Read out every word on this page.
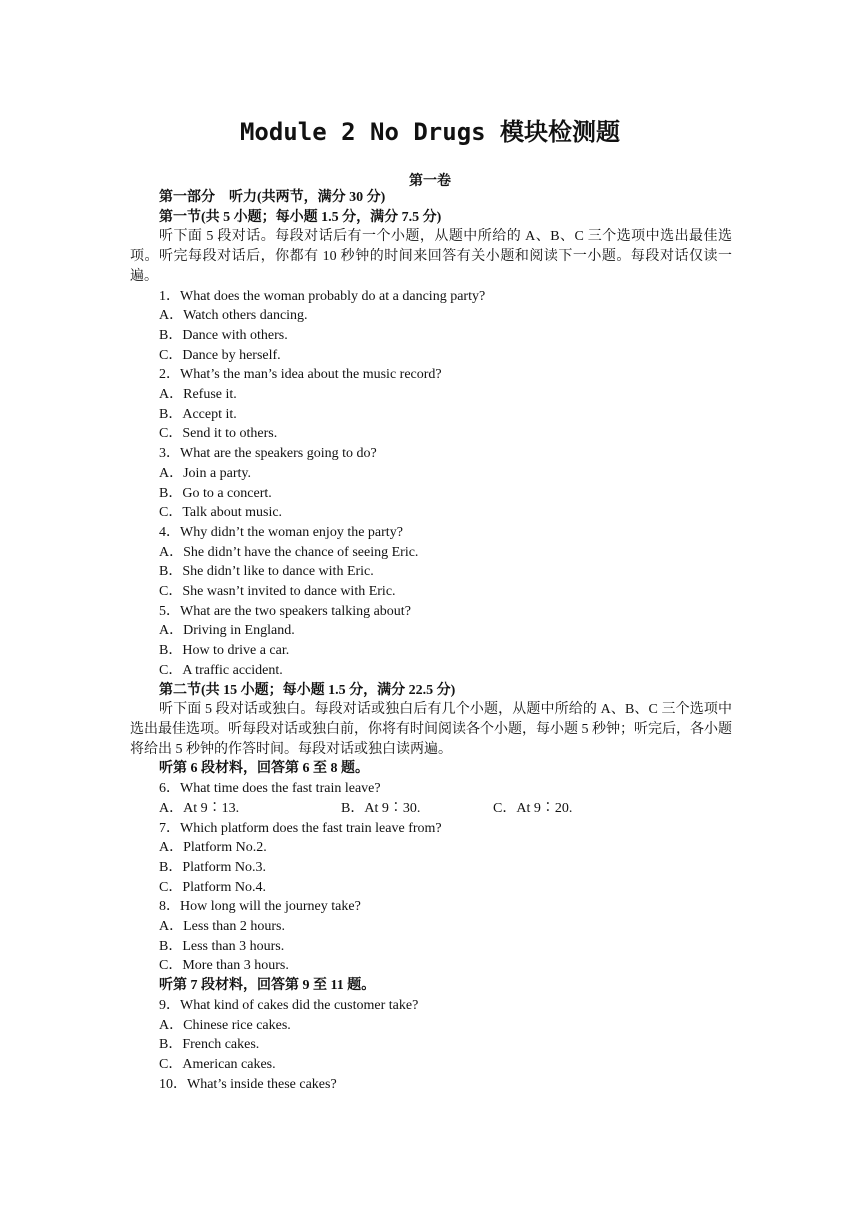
Module 2 No Drugs 模块检测题
第一卷

第一部分　听力(共两节，满分 30 分)

第一节(共 5 小题；每小题 1.5 分，满分 7.5 分)

听下面 5 段对话。每段对话后有一个小题，从题中所给的 A、B、C 三个选项中选出最佳选项。听完每段对话后，你都有 10 秒钟的时间来回答有关小题和阅读下一小题。每段对话仅读一遍。

1．What does the woman probably do at a dancing party?

A．Watch others dancing.

B．Dance with others.

C．Dance by herself.

2．What’s the man’s idea about the music record?

A．Refuse it.

B．Accept it.

C．Send it to others.

3．What are the speakers going to do?

A．Join a party.

B．Go to a concert.

C．Talk about music.

4．Why didn’t the woman enjoy the party?

A．She didn’t have the chance of seeing Eric.

B．She didn’t like to dance with Eric.

C．She wasn’t invited to dance with Eric.

5．What are the two speakers talking about?

A．Driving in England.

B．How to drive a car.

C．A traffic accident.

第二节(共 15 小题；每小题 1.5 分，满分 22.5 分)

听下面 5 段对话或独白。每段对话或独白后有几个小题，从题中所给的 A、B、C 三个选项中选出最佳选项。听每段对话或独白前，你将有时间阅读各个小题，每小题 5 秒钟；听完后，各小题将给出 5 秒钟的作答时间。每段对话或独白读两遍。

听第 6 段材料，回答第 6 至 8 题。

6．What time does the fast train leave?

A．At 9∶13.	B．At 9∶30.	C．At 9∶20.

7．Which platform does the fast train leave from?

A．Platform No.2.

B．Platform No.3.

C．Platform No.4.

8．How long will the journey take?

A．Less than 2 hours.

B．Less than 3 hours.

C．More than 3 hours.

听第 7 段材料，回答第 9 至 11 题。

9．What kind of cakes did the customer take?

A．Chinese rice cakes.

B．French cakes.

C．American cakes.

10．What’s inside these cakes?
